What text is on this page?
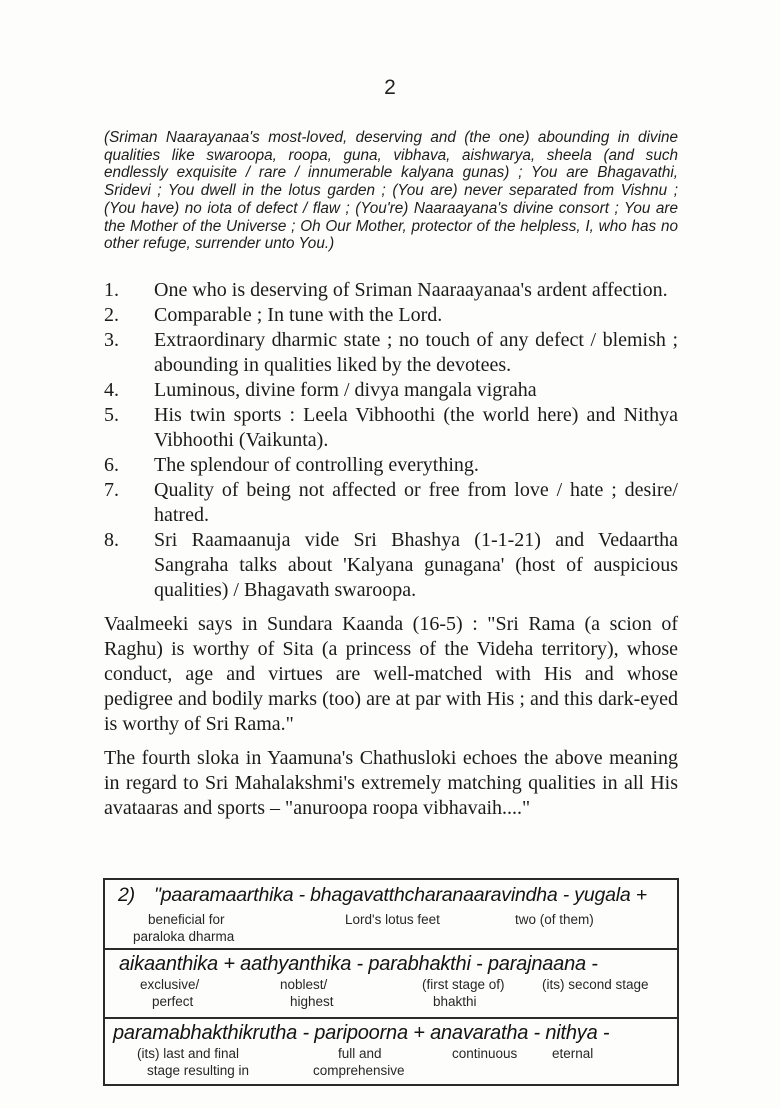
2
(Sriman Naarayanaa's most-loved, deserving and (the one) abounding in divine qualities like swaroopa, roopa, guna, vibhava, aishwarya, sheela (and such endlessly exquisite / rare / innumerable kalyana gunas) ; You are Bhagavathi, Sridevi ; You dwell in the lotus garden ; (You are) never separated from Vishnu ; (You have) no iota of defect / flaw ; (You're) Naaraayana's divine consort ; You are the Mother of the Universe ; Oh Our Mother, protector of the helpless, I, who has no other refuge, surrender unto You.)
1.	One who is deserving of Sriman Naaraayanaa's ardent affection.
2.	Comparable ; In tune with the Lord.
3.	Extraordinary dharmic state ; no touch of any defect / blemish ; abounding in qualities liked by the devotees.
4.	Luminous, divine form / divya mangala vigraha
5.	His twin sports : Leela Vibhoothi (the world here) and Nithya Vibhoothi (Vaikunta).
6.	The splendour of controlling everything.
7.	Quality of being not affected or free from love / hate ; desire/ hatred.
8.	Sri Raamaanuja vide Sri Bhashya (1-1-21) and Vedaartha Sangraha talks about 'Kalyana gunagana' (host of auspicious qualities) / Bhagavath swaroopa.

Vaalmeeki says in Sundara Kaanda (16-5) : "Sri Rama (a scion of Raghu) is worthy of Sita (a princess of the Videha territory), whose conduct, age and virtues are well-matched with His and whose pedigree and bodily marks (too) are at par with His ; and this dark-eyed is worthy of Sri Rama."

The fourth sloka in Yaamuna's Chathusloki echoes the above meaning in regard to Sri Mahalakshmi's extremely matching qualities in all His avataaras and sports – "anuroopa roopa vibhavaih...."

2) "paaramaarthika - bhagavatthcharanaaravindha - yugala +
beneficial for	Lord's lotus feet	two (of them)
paraloka dharma
aikaanthika + aathyanthika - parabhakthi - parajnaana -
exclusive/	noblest/	(first stage of)	(its) second stage
perfect	highest	bhakthi
paramabhakthikrutha - paripoorna + anavaratha - nithya -
(its) last and final	full and	continuous	eternal
stage resulting in	comprehensive
